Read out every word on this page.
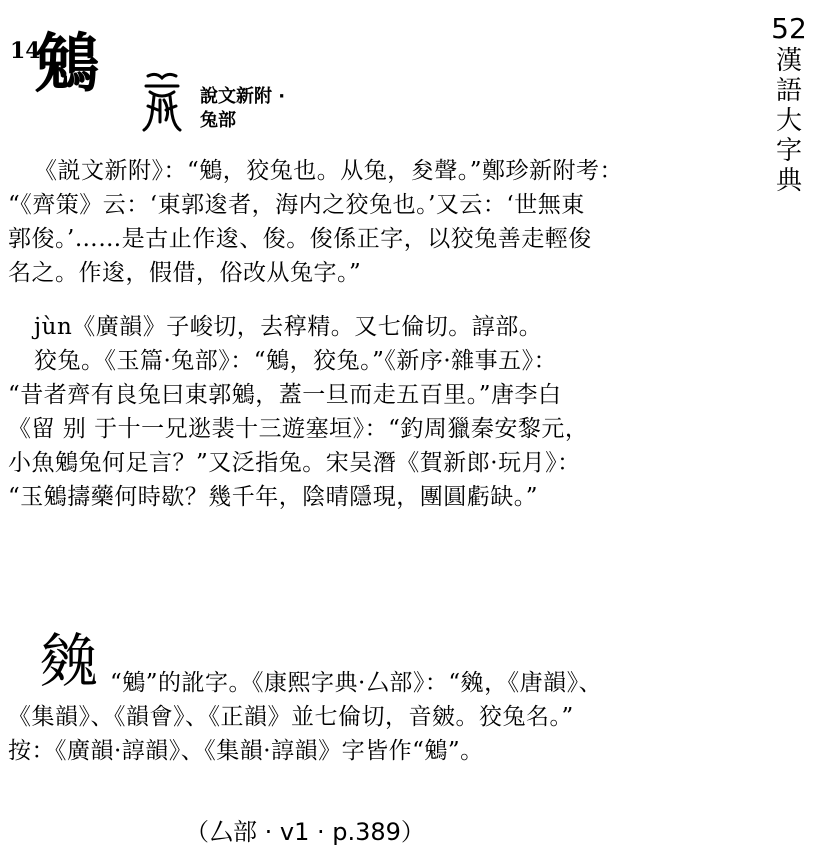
52
漢
語
大
字
典
14
鵵	說文新附 ·
兔部
《説文新附》：“鵵，狡兔也。从兔，夋聲。”鄭珍新附考：
“《齊策》云：‘東郭逡者，海内之狡兔也。’又云：‘世無東
郭俊。’……是古止作逡、俊。俊係正字，以狡兔善走輕俊
名之。作逡，假借，俗改从兔字。”
jùn《廣韻》子峻切，去稕精。又七倫切。諄部。
狡兔。《玉篇·兔部》：“鵵，狡兔。”《新序·雜事五》：
“昔者齊有良兔曰東郭鵵，蓋一旦而走五百里。”唐李白
《留 别 于十一兄逖裴十三遊塞垣》：“釣周獵秦安黎元，
小魚鵵兔何足言？”又泛指兔。宋吴潛《賀新郎·玩月》：
“玉鵵擣藥何時歇？幾千年，陰晴隱現，團圓虧缺。”
㕙 “鵵”的訛字。《康熙字典·厶部》：“㕙，《唐韻》、
《集韻》、《韻會》、《正韻》並七倫切，音皴。狡兔名。”
按：《廣韻·諄韻》、《集韻·諄韻》字皆作“鵵”。
（厶部 · v1 · p.389）
